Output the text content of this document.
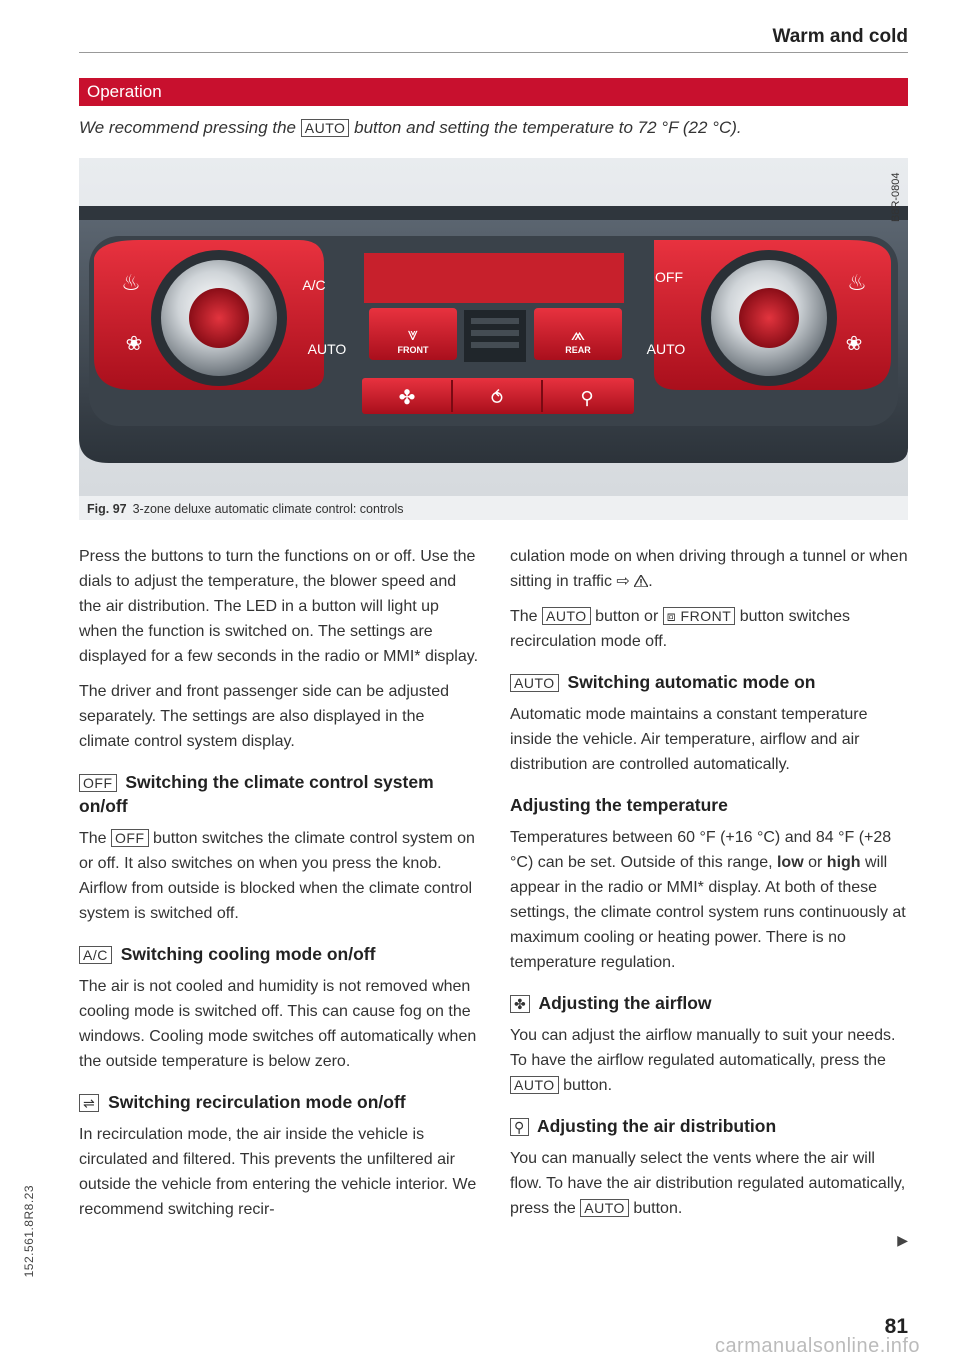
Warm and cold
Operation
We recommend pressing the AUTO button and setting the temperature to 72 °F (22 °C).
FRONT	REAR
⩔	⩕
✤	⥀	⚲
A/C
AUTO
OFF
AUTO
♨
❀
♨
❀
B8R-0804
Fig. 97 3-zone deluxe automatic climate control: controls

Press the buttons to turn the functions on or off. Use the dials to adjust the temperature, the blower speed and the air distribution. The LED in a button will light up when the function is switched on. The settings are displayed for a few seconds in the radio or MMI* display.

The driver and front passenger side can be adjusted separately. The settings are also displayed in the climate control system display.

OFF Switching the climate control system on/off

The OFF button switches the climate control system on or off. It also switches on when you press the knob. Airflow from outside is blocked when the climate control system is switched off.

A/C Switching cooling mode on/off

The air is not cooled and humidity is not removed when cooling mode is switched off. This can cause fog on the windows. Cooling mode switches off automatically when the outside temperature is below zero.

⇌ Switching recirculation mode on/off

In recirculation mode, the air inside the vehicle is circulated and filtered. This prevents the unfiltered air outside the vehicle from entering the vehicle interior. We recommend switching recir-

culation mode on when driving through a tunnel or when sitting in traffic ⇨ .

The AUTO button or ⧈ FRONT button switches recirculation mode off.

AUTO Switching automatic mode on

Automatic mode maintains a constant temperature inside the vehicle. Air temperature, airflow and air distribution are controlled automatically.

Adjusting the temperature

Temperatures between 60 °F (+16 °C) and 84 °F (+28 °C) can be set. Outside of this range, low or high will appear in the radio or MMI* display. At both of these settings, the climate control system runs continuously at maximum cooling or heating power. There is no temperature regulation.

✤ Adjusting the airflow

You can adjust the airflow manually to suit your needs. To have the airflow regulated automatically, press the AUTO button.

⚲ Adjusting the air distribution

You can manually select the vents where the air will flow. To have the air distribution regulated automatically, press the AUTO button.

▶
81
152.561.8R8.23
carmanualsonline.info
